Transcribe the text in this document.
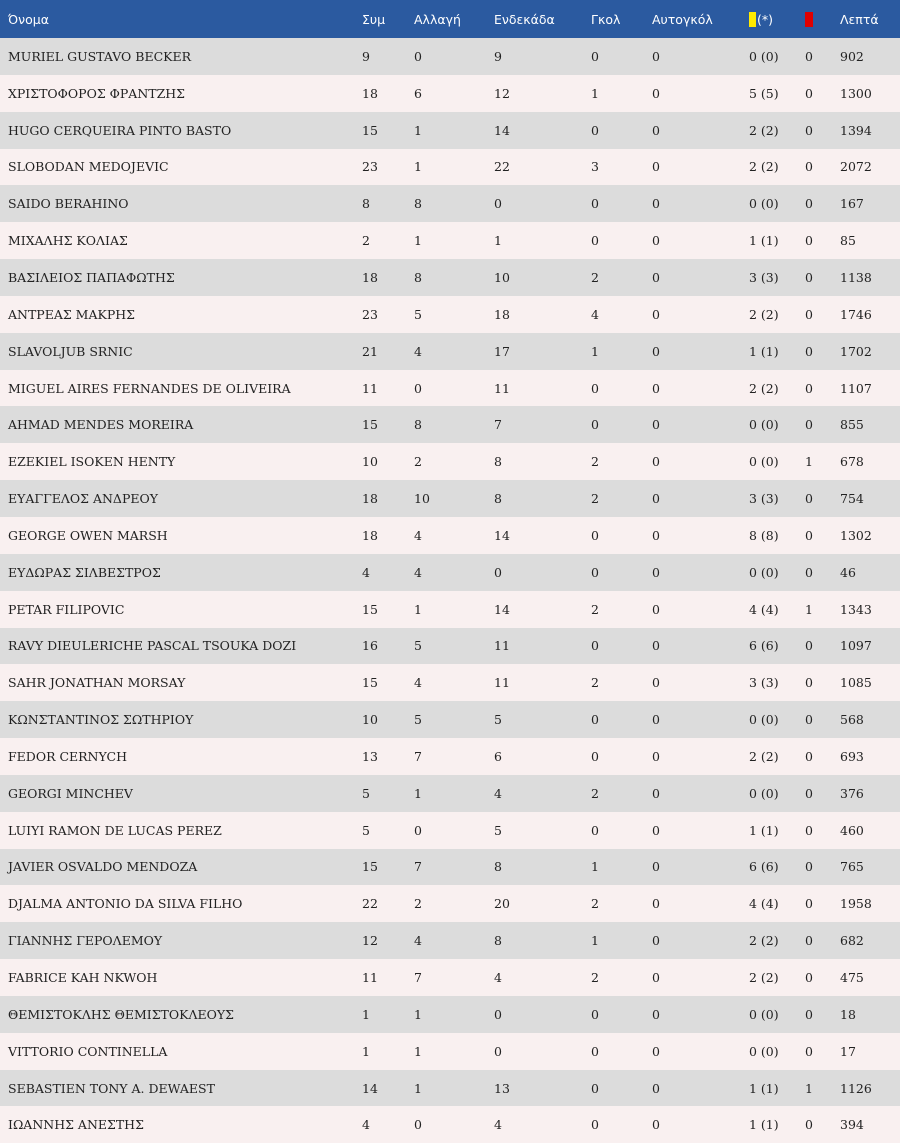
Όνομα	Συμ	Αλλαγή	Ενδεκάδα	Γκολ	Αυτογκόλ	(*)		Λεπτά
MURIEL GUSTAVO BECKER	9	0	9	0	0	0 (0)	0	902
ΧΡΙΣΤΟΦΟΡΟΣ ΦΡΑΝΤΖΗΣ	18	6	12	1	0	5 (5)	0	1300
HUGO CERQUEIRA PINTO BASTO	15	1	14	0	0	2 (2)	0	1394
SLOBODAN MEDOJEVIC	23	1	22	3	0	2 (2)	0	2072
SAIDO BERAHINO	8	8	0	0	0	0 (0)	0	167
ΜΙΧΑΛΗΣ ΚΟΛΙΑΣ	2	1	1	0	0	1 (1)	0	85
ΒΑΣΙΛΕΙΟΣ ΠΑΠΑΦΩΤΗΣ	18	8	10	2	0	3 (3)	0	1138
ΑΝΤΡΕΑΣ ΜΑΚΡΗΣ	23	5	18	4	0	2 (2)	0	1746
SLAVOLJUB SRNIC	21	4	17	1	0	1 (1)	0	1702
MIGUEL AIRES FERNANDES DE OLIVEIRA	11	0	11	0	0	2 (2)	0	1107
AHMAD MENDES MOREIRA	15	8	7	0	0	0 (0)	0	855
EZEKIEL ISOKEN HENTY	10	2	8	2	0	0 (0)	1	678
ΕΥΑΓΓΕΛΟΣ ΑΝΔΡΕΟΥ	18	10	8	2	0	3 (3)	0	754
GEORGE OWEN MARSH	18	4	14	0	0	8 (8)	0	1302
ΕΥΔΩΡΑΣ ΣΙΛΒΕΣΤΡΟΣ	4	4	0	0	0	0 (0)	0	46
PETAR FILIPOVIC	15	1	14	2	0	4 (4)	1	1343
RAVY DIEULERICHE PASCAL TSOUKA DOZI	16	5	11	0	0	6 (6)	0	1097
SAHR JONATHAN MORSAY	15	4	11	2	0	3 (3)	0	1085
ΚΩΝΣΤΑΝΤΙΝΟΣ ΣΩΤΗΡΙΟΥ	10	5	5	0	0	0 (0)	0	568
FEDOR CERNYCH	13	7	6	0	0	2 (2)	0	693
GEORGI MINCHEV	5	1	4	2	0	0 (0)	0	376
LUIYI RAMON DE LUCAS PEREZ	5	0	5	0	0	1 (1)	0	460
JAVIER OSVALDO MENDOZA	15	7	8	1	0	6 (6)	0	765
DJALMA ANTONIO DA SILVA FILHO	22	2	20	2	0	4 (4)	0	1958
ΓΙΑΝΝΗΣ ΓΕΡΟΛΕΜΟΥ	12	4	8	1	0	2 (2)	0	682
FABRICE KAH NKWOH	11	7	4	2	0	2 (2)	0	475
ΘΕΜΙΣΤΟΚΛΗΣ ΘΕΜΙΣΤΟΚΛΕΟΥΣ	1	1	0	0	0	0 (0)	0	18
VITTORIO CONTINELLA	1	1	0	0	0	0 (0)	0	17
SEBASTIEN TONY A. DEWAEST	14	1	13	0	0	1 (1)	1	1126
ΙΩΑΝΝΗΣ ΑΝΕΣΤΗΣ	4	0	4	0	0	1 (1)	0	394
